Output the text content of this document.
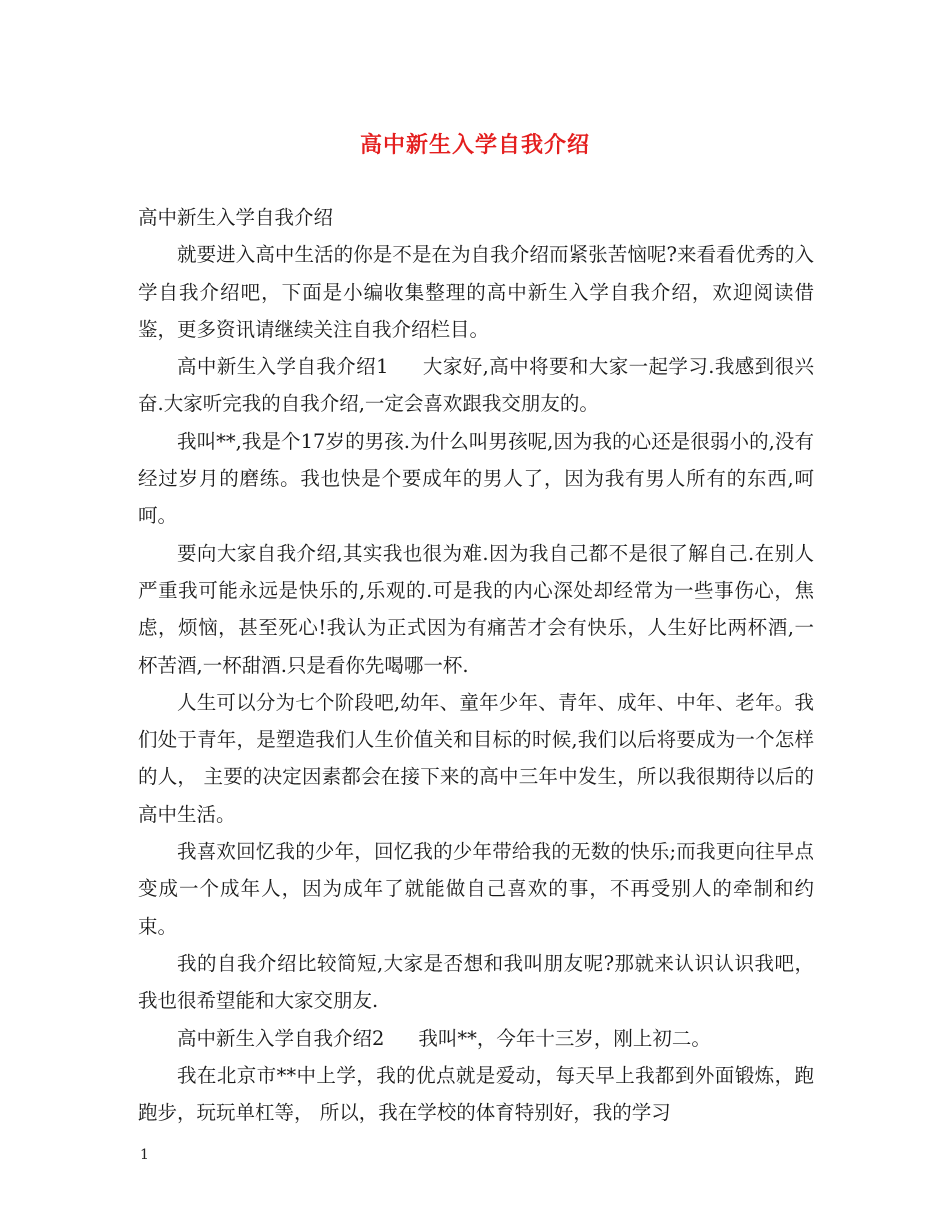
高中新生入学自我介绍

高中新生入学自我介绍

就要进入高中生活的你是不是在为自我介绍而紧张苦恼呢?来看看优秀的入学自我介绍吧，下面是小编收集整理的高中新生入学自我介绍，欢迎阅读借鉴，更多资讯请继续关注自我介绍栏目。

高中新生入学自我介绍1 大家好,高中将要和大家一起学习.我感到很兴奋.大家听完我的自我介绍,一定会喜欢跟我交朋友的。

我叫**,我是个17岁的男孩.为什么叫男孩呢,因为我的心还是很弱小的,没有经过岁月的磨练。我也快是个要成年的男人了，因为我有男人所有的东西,呵呵。

要向大家自我介绍,其实我也很为难.因为我自己都不是很了解自己.在别人严重我可能永远是快乐的,乐观的.可是我的内心深处却经常为一些事伤心，焦虑，烦恼，甚至死心!我认为正式因为有痛苦才会有快乐，人生好比两杯酒,一杯苦酒,一杯甜酒.只是看你先喝哪一杯.

人生可以分为七个阶段吧,幼年、童年少年、青年、成年、中年、老年。我们处于青年，是塑造我们人生价值关和目标的时候,我们以后将要成为一个怎样的人， 主要的决定因素都会在接下来的高中三年中发生，所以我很期待以后的高中生活。

我喜欢回忆我的少年，回忆我的少年带给我的无数的快乐;而我更向往早点变成一个成年人，因为成年了就能做自己喜欢的事，不再受别人的牵制和约束。

我的自我介绍比较简短,大家是否想和我叫朋友呢?那就来认识认识我吧，我也很希望能和大家交朋友.

高中新生入学自我介绍2 我叫**，今年十三岁，刚上初二。

我在北京市**中上学，我的优点就是爱动，每天早上我都到外面锻炼，跑跑步，玩玩单杠等， 所以，我在学校的体育特别好，我的学习

1
